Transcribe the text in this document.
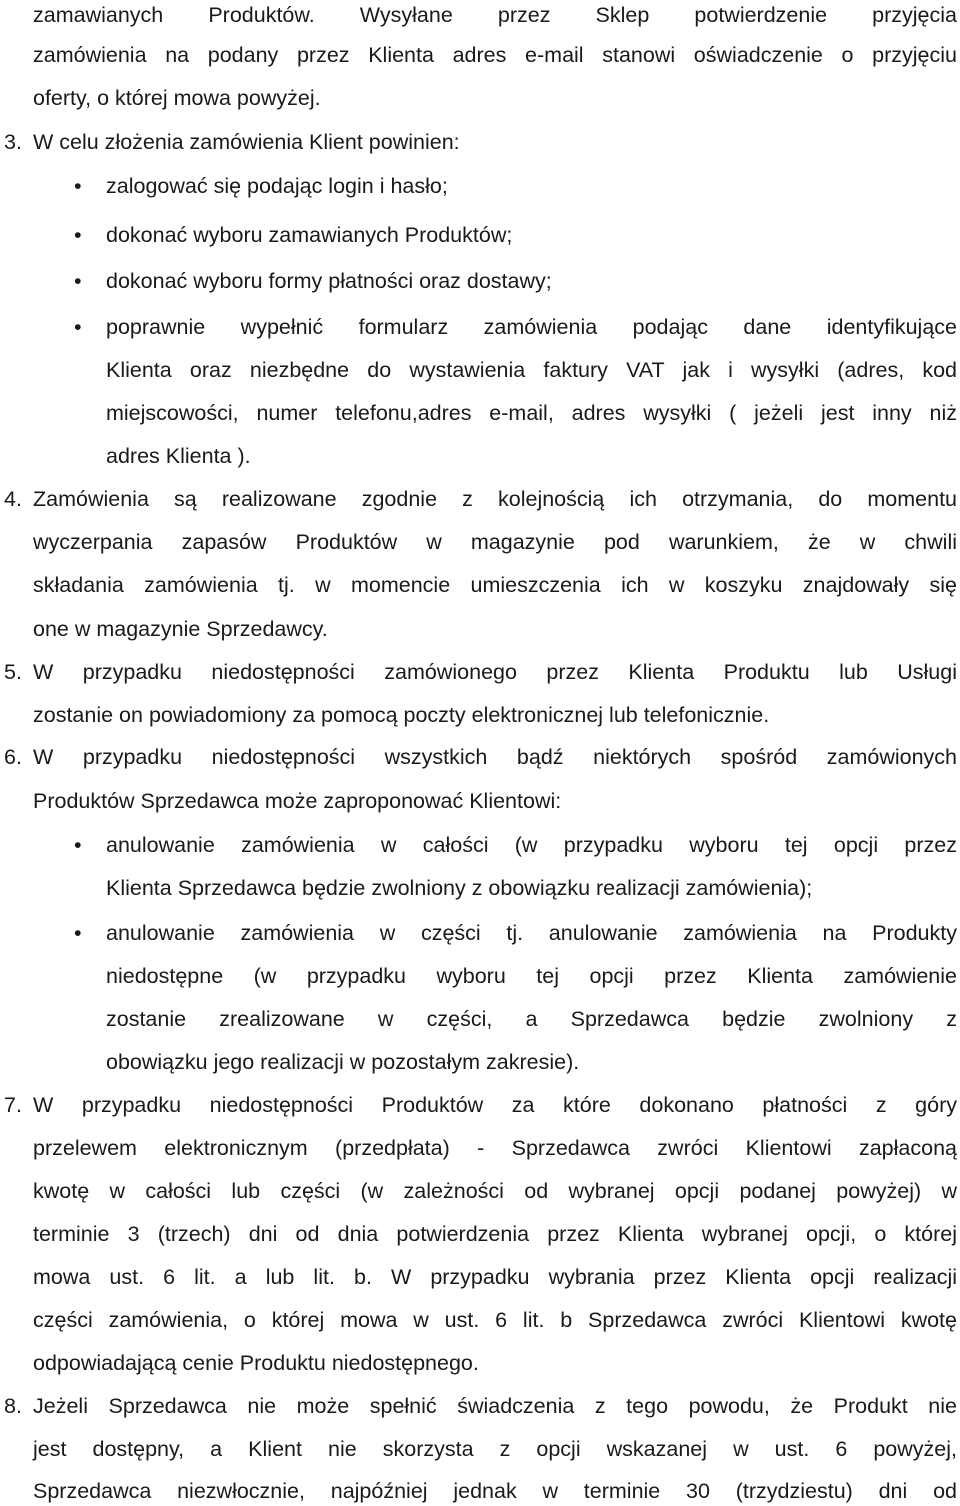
zamawianych Produktów. Wysyłane przez Sklep potwierdzenie przyjęcia
zamówienia na podany przez Klienta adres e-mail stanowi oświadczenie o przyjęciu
oferty, o której mowa powyżej.
3. W celu złożenia zamówienia Klient powinien:
• zalogować się podając login i hasło;
• dokonać wyboru zamawianych Produktów;
• dokonać wyboru formy płatności oraz dostawy;
• poprawnie wypełnić formularz zamówienia podając dane identyfikujące
Klienta oraz niezbędne do wystawienia faktury VAT jak i wysyłki (adres, kod
miejscowości, numer telefonu,adres e-mail, adres wysyłki ( jeżeli jest inny niż
adres Klienta ).
4. Zamówienia są realizowane zgodnie z kolejnością ich otrzymania, do momentu
wyczerpania zapasów Produktów w magazynie pod warunkiem, że w chwili
składania zamówienia tj. w momencie umieszczenia ich w koszyku znajdowały się
one w magazynie Sprzedawcy.
5. W przypadku niedostępności zamówionego przez Klienta Produktu lub Usługi
zostanie on powiadomiony za pomocą poczty elektronicznej lub telefonicznie.
6. W przypadku niedostępności wszystkich bądź niektórych spośród zamówionych
Produktów Sprzedawca może zaproponować Klientowi:
• anulowanie zamówienia w całości (w przypadku wyboru tej opcji przez
Klienta Sprzedawca będzie zwolniony z obowiązku realizacji zamówienia);
• anulowanie zamówienia w części tj. anulowanie zamówienia na Produkty
niedostępne (w przypadku wyboru tej opcji przez Klienta zamówienie
zostanie zrealizowane w części, a Sprzedawca będzie zwolniony z
obowiązku jego realizacji w pozostałym zakresie).
7. W przypadku niedostępności Produktów za które dokonano płatności z góry
przelewem elektronicznym (przedpłata) - Sprzedawca zwróci Klientowi zapłaconą
kwotę w całości lub części (w zależności od wybranej opcji podanej powyżej) w
terminie 3 (trzech) dni od dnia potwierdzenia przez Klienta wybranej opcji, o której
mowa ust. 6 lit. a lub lit. b. W przypadku wybrania przez Klienta opcji realizacji
części zamówienia, o której mowa w ust. 6 lit. b Sprzedawca zwróci Klientowi kwotę
odpowiadającą cenie Produktu niedostępnego.
8. Jeżeli Sprzedawca nie może spełnić świadczenia z tego powodu, że Produkt nie
jest dostępny, a Klient nie skorzysta z opcji wskazanej w ust. 6 powyżej,
Sprzedawca niezwłocznie, najpóźniej jednak w terminie 30 (trzydziestu) dni od
